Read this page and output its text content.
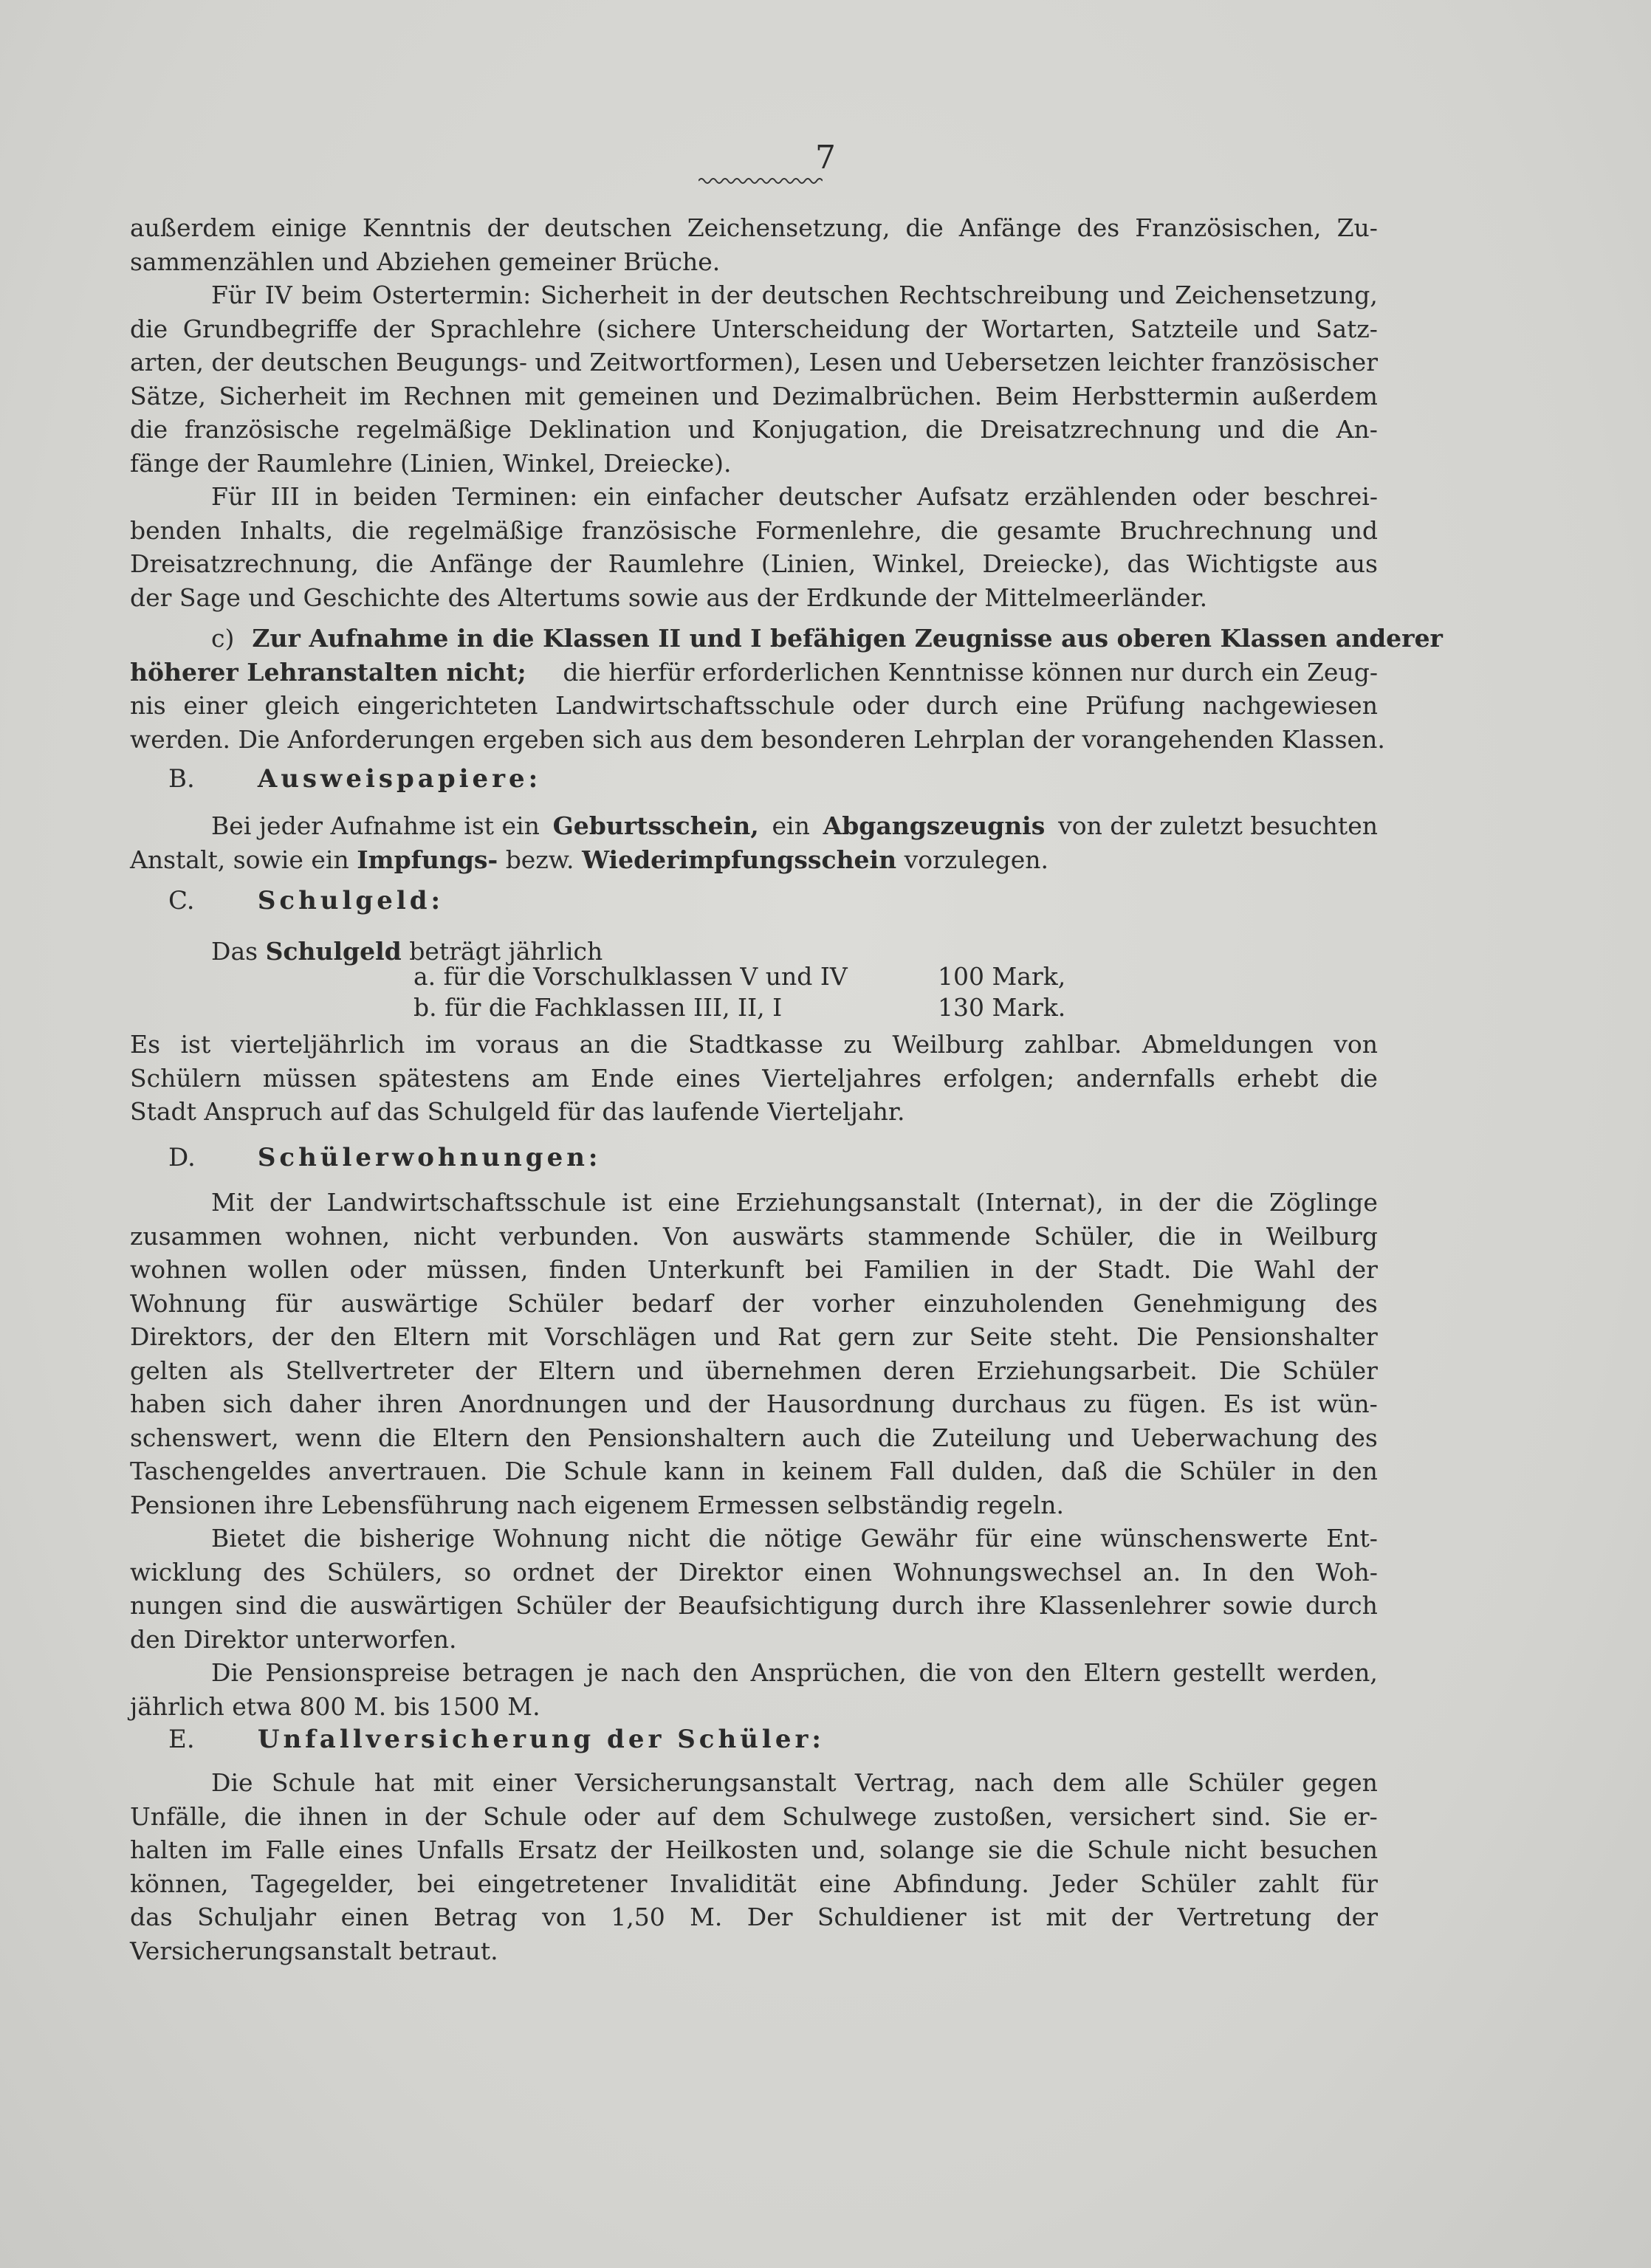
7
außerdem einige Kenntnis der deutschen Zeichensetzung, die Anfänge des Französischen, Zu-
sammenzählen und Abziehen gemeiner Brüche.
Für IV beim Ostertermin: Sicherheit in der deutschen Rechtschreibung und Zeichensetzung,
die Grundbegriffe der Sprachlehre (sichere Unterscheidung der Wortarten, Satzteile und Satz-
arten, der deutschen Beugungs- und Zeitwortformen), Lesen und Uebersetzen leichter französischer
Sätze, Sicherheit im Rechnen mit gemeinen und Dezimalbrüchen. Beim Herbsttermin außerdem
die französische regelmäßige Deklination und Konjugation, die Dreisatzrechnung und die An-
fänge der Raumlehre (Linien, Winkel, Dreiecke).
Für III in beiden Terminen: ein einfacher deutscher Aufsatz erzählenden oder beschrei-
benden Inhalts, die regelmäßige französische Formenlehre, die gesamte Bruchrechnung und
Dreisatzrechnung, die Anfänge der Raumlehre (Linien, Winkel, Dreiecke), das Wichtigste aus
der Sage und Geschichte des Altertums sowie aus der Erdkunde der Mittelmeerländer.
c) Zur Aufnahme in die Klassen II und I befähigen Zeugnisse aus oberen Klassen anderer
höherer Lehranstalten nicht; die hierfür erforderlichen Kenntnisse können nur durch ein Zeug-
nis einer gleich eingerichteten Landwirtschaftsschule oder durch eine Prüfung nachgewiesen
werden. Die Anforderungen ergeben sich aus dem besonderen Lehrplan der vorangehenden Klassen.
B.	Ausweispapiere:
Bei jeder Aufnahme ist ein Geburtsschein, ein Abgangszeugnis von der zuletzt besuchten
Anstalt, sowie ein Impfungs- bezw. Wiederimpfungsschein vorzulegen.
C.	Schulgeld:
Das Schulgeld beträgt jährlich
a. für die Vorschulklassen V und IV	100 Mark,
b. für die Fachklassen III, II, I	130 Mark.
Es ist vierteljährlich im voraus an die Stadtkasse zu Weilburg zahlbar. Abmeldungen von
Schülern müssen spätestens am Ende eines Vierteljahres erfolgen; andernfalls erhebt die
Stadt Anspruch auf das Schulgeld für das laufende Vierteljahr.
D. Schülerwohnungen:
Mit der Landwirtschaftsschule ist eine Erziehungsanstalt (Internat), in der die Zöglinge
zusammen wohnen, nicht verbunden. Von auswärts stammende Schüler, die in Weilburg
wohnen wollen oder müssen, finden Unterkunft bei Familien in der Stadt. Die Wahl der
Wohnung für auswärtige Schüler bedarf der vorher einzuholenden Genehmigung des
Direktors, der den Eltern mit Vorschlägen und Rat gern zur Seite steht. Die Pensionshalter
gelten als Stellvertreter der Eltern und übernehmen deren Erziehungsarbeit. Die Schüler
haben sich daher ihren Anordnungen und der Hausordnung durchaus zu fügen. Es ist wün-
schenswert, wenn die Eltern den Pensionshaltern auch die Zuteilung und Ueberwachung des
Taschengeldes anvertrauen. Die Schule kann in keinem Fall dulden, daß die Schüler in den
Pensionen ihre Lebensführung nach eigenem Ermessen selbständig regeln.
Bietet die bisherige Wohnung nicht die nötige Gewähr für eine wünschenswerte Ent-
wicklung des Schülers, so ordnet der Direktor einen Wohnungswechsel an. In den Woh-
nungen sind die auswärtigen Schüler der Beaufsichtigung durch ihre Klassenlehrer sowie durch
den Direktor unterworfen.
Die Pensionspreise betragen je nach den Ansprüchen, die von den Eltern gestellt werden,
jährlich etwa 800 M. bis 1500 M.
E.	Unfallversicherung der Schüler:
Die Schule hat mit einer Versicherungsanstalt Vertrag, nach dem alle Schüler gegen
Unfälle, die ihnen in der Schule oder auf dem Schulwege zustoßen, versichert sind. Sie er-
halten im Falle eines Unfalls Ersatz der Heilkosten und, solange sie die Schule nicht besuchen
können, Tagegelder, bei eingetretener Invalidität eine Abfindung. Jeder Schüler zahlt für
das Schuljahr einen Betrag von 1,50 M. Der Schuldiener ist mit der Vertretung der
Versicherungsanstalt betraut.
